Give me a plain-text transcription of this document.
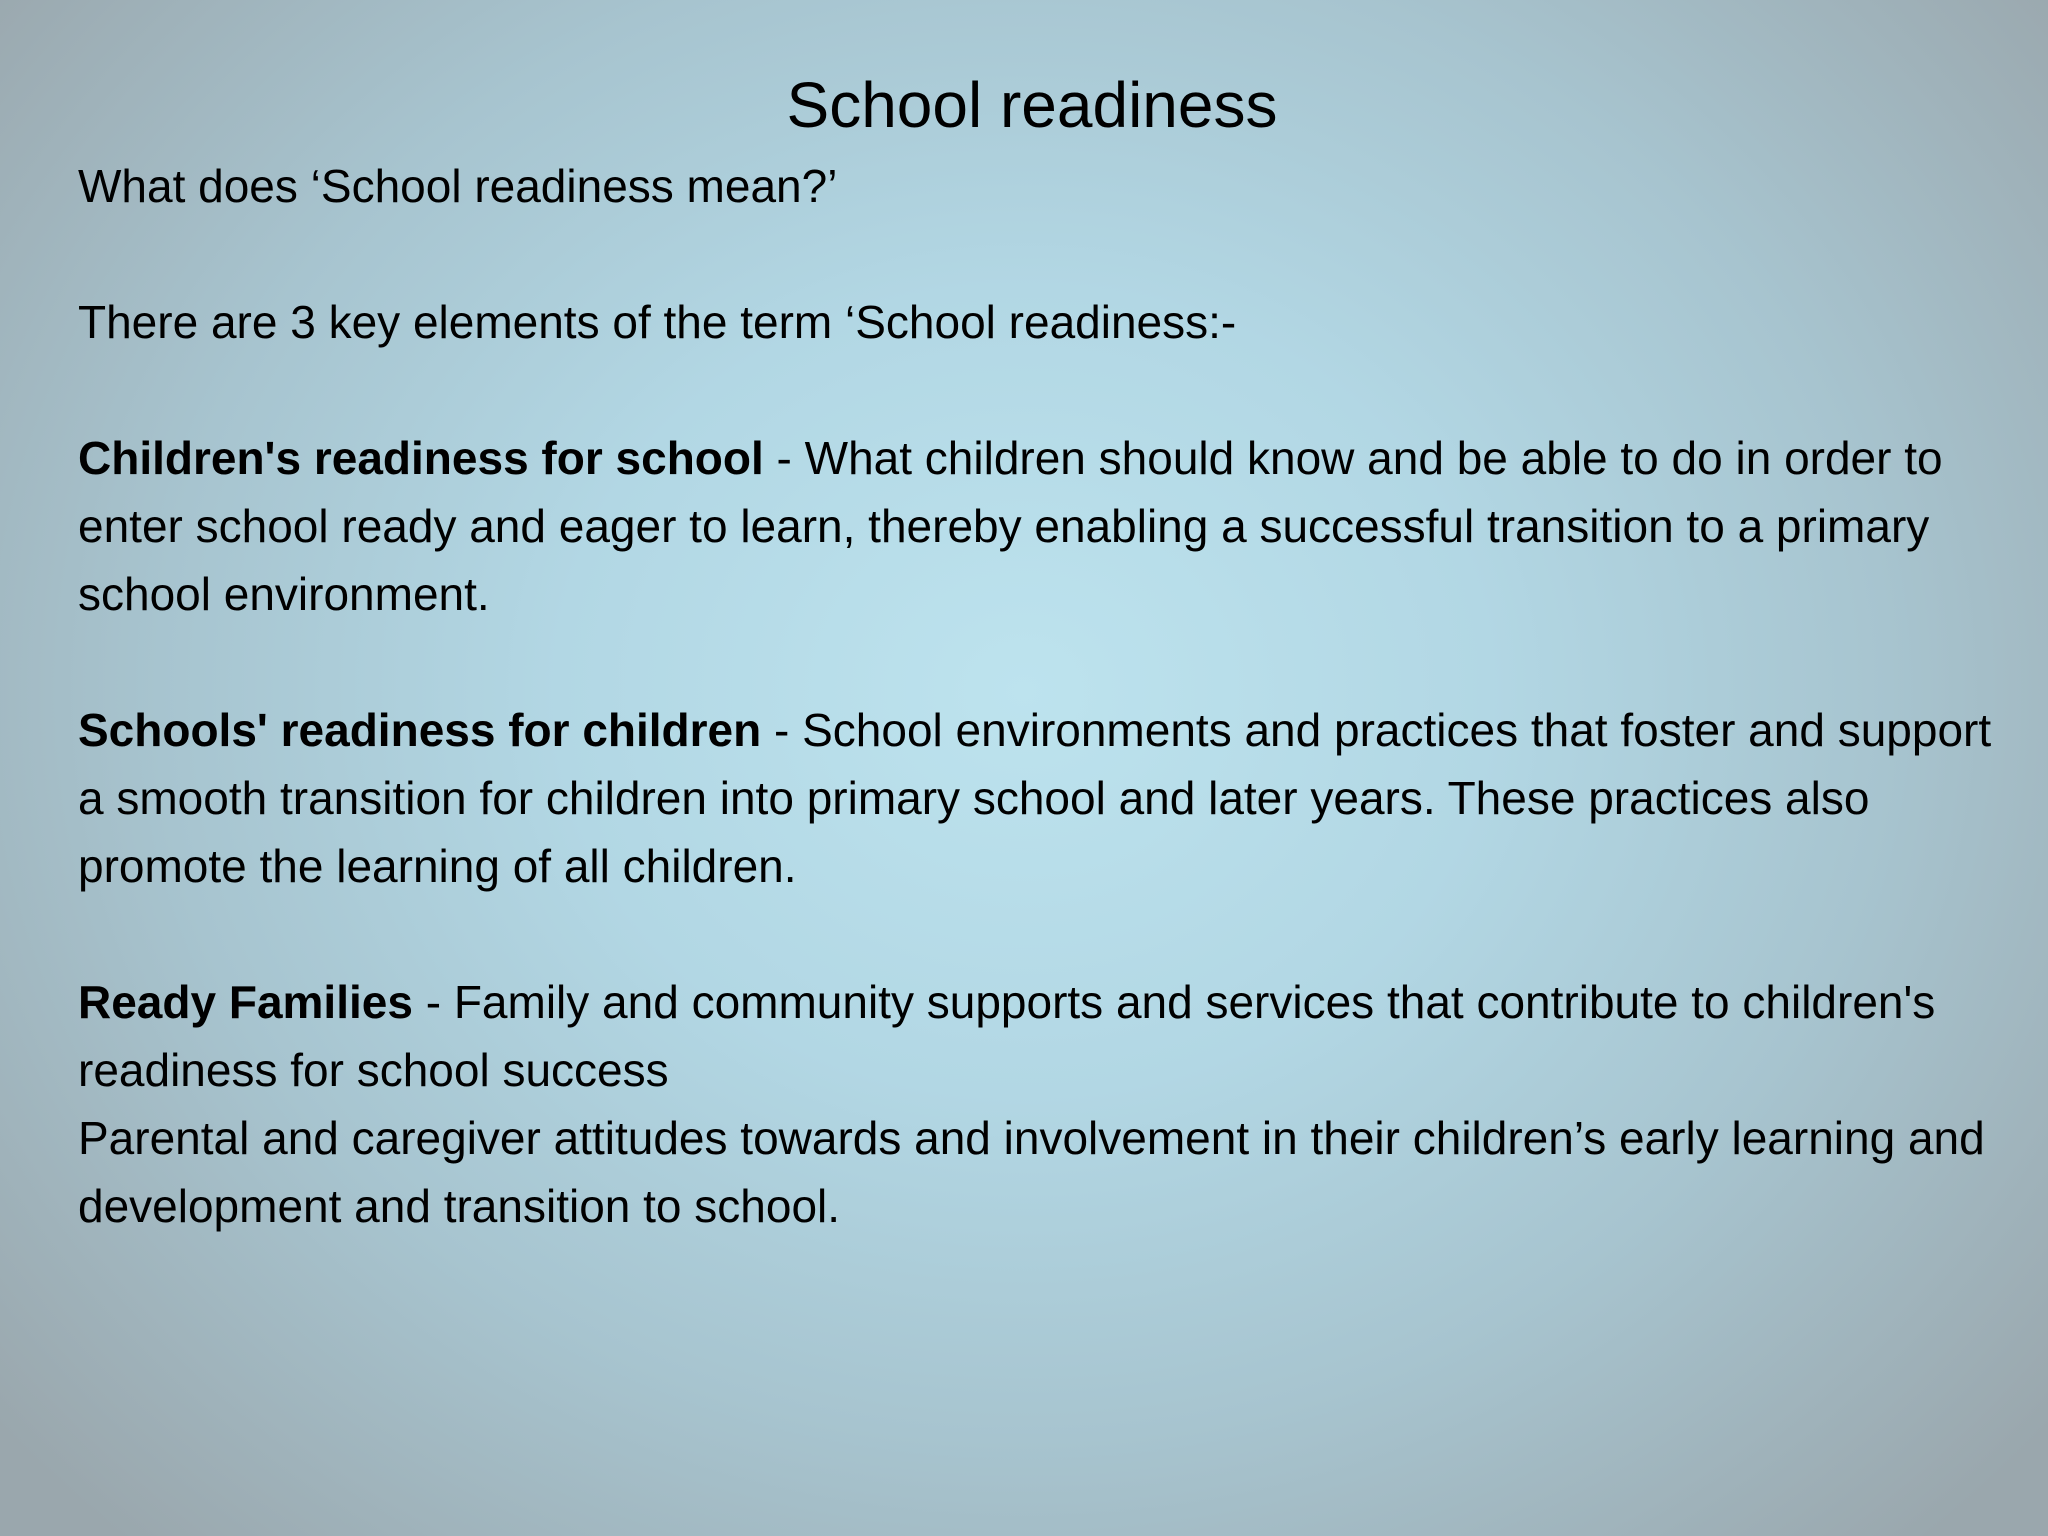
School readiness

What does ‘School readiness mean?’

There are 3 key elements of the term ‘School readiness:-

Children's readiness for school - What children should know and be able to do in order to enter school ready and eager to learn, thereby enabling a successful transition to a primary school environment.

Schools' readiness for children - School environments and practices that foster and support a smooth transition for children into primary school and later years. These practices also promote the learning of all children.

Ready Families - Family and community supports and services that contribute to children's readiness for school success

Parental and caregiver attitudes towards and involvement in their children’s early learning and development and transition to school.
